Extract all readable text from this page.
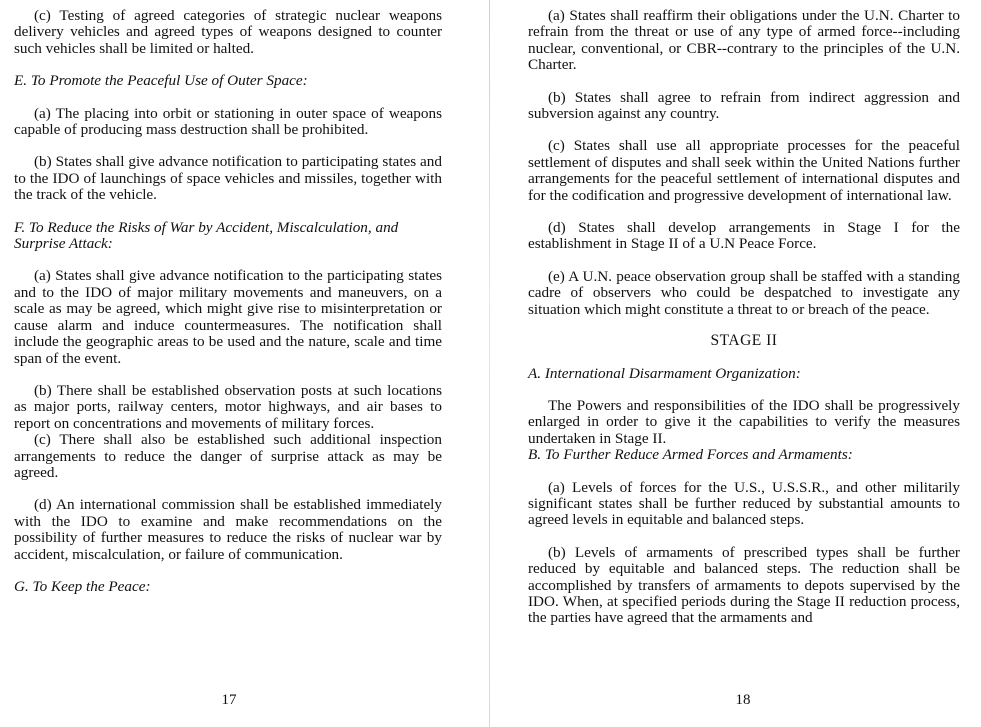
(c) Testing of agreed categories of strategic nuclear weapons delivery vehicles and agreed types of weapons designed to counter such vehicles shall be limited or halted.

E. To Promote the Peaceful Use of Outer Space:

(a) The placing into orbit or stationing in outer space of weapons capable of producing mass destruction shall be prohibited.

(b) States shall give advance notification to participating states and to the IDO of launchings of space vehicles and missiles, together with the track of the vehicle.

F. To Reduce the Risks of War by Accident, Miscalculation, and Surprise Attack:

(a) States shall give advance notification to the participating states and to the IDO of major military movements and maneuvers, on a scale as may be agreed, which might give rise to misinterpretation or cause alarm and induce countermeasures. The notification shall include the geographic areas to be used and the nature, scale and time span of the event.

(b) There shall be established observation posts at such locations as major ports, railway centers, motor highways, and air bases to report on concentrations and movements of military forces.

(c) There shall also be established such additional inspection arrangements to reduce the danger of surprise attack as may be agreed.

(d) An international commission shall be established immediately with the IDO to examine and make recommendations on the possibility of further measures to reduce the risks of nuclear war by accident, miscalculation, or failure of communication.

G. To Keep the Peace:

17

(a) States shall reaffirm their obligations under the U.N. Charter to refrain from the threat or use of any type of armed force--including nuclear, conventional, or CBR--contrary to the principles of the U.N. Charter.

(b) States shall agree to refrain from indirect aggression and subversion against any country.

(c) States shall use all appropriate processes for the peaceful settlement of disputes and shall seek within the United Nations further arrangements for the peaceful settlement of international disputes and for the codification and progressive development of international law.

(d) States shall develop arrangements in Stage I for the establishment in Stage II of a U.N Peace Force.

(e) A U.N. peace observation group shall be staffed with a standing cadre of observers who could be despatched to investigate any situation which might constitute a threat to or breach of the peace.

STAGE II

A. International Disarmament Organization:

The Powers and responsibilities of the IDO shall be progressively enlarged in order to give it the capabilities to verify the measures undertaken in Stage II.

B. To Further Reduce Armed Forces and Armaments:

(a) Levels of forces for the U.S., U.S.S.R., and other militarily significant states shall be further reduced by substantial amounts to agreed levels in equitable and balanced steps.

(b) Levels of armaments of prescribed types shall be further reduced by equitable and balanced steps. The reduction shall be accomplished by transfers of armaments to depots supervised by the IDO. When, at specified periods during the Stage II reduction process, the parties have agreed that the armaments and

18
